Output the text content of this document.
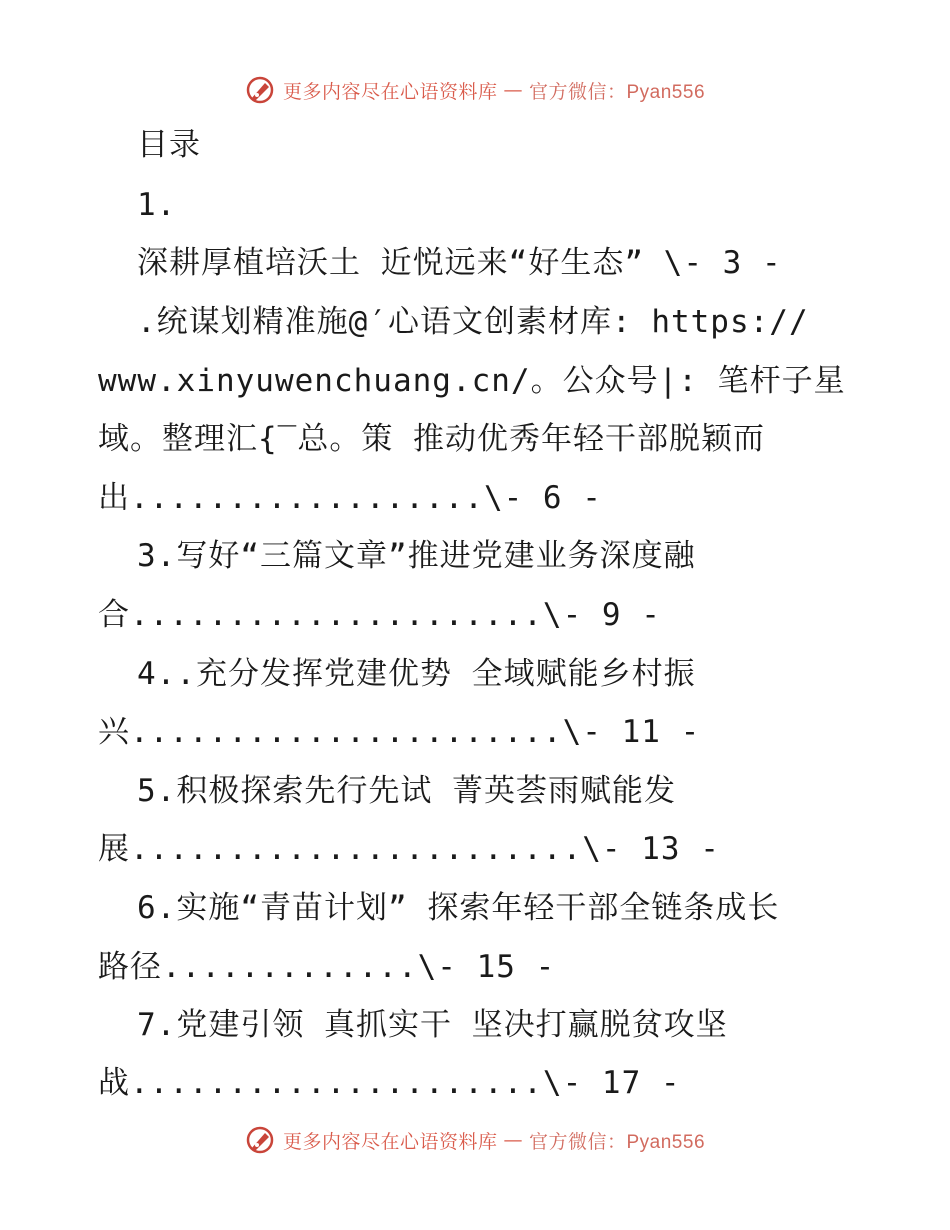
更多内容尽在心语资料库 — 官方微信：Pyan556
目录
1.
深耕厚植培沃土 近悦远来“好生态” \- 3 -
.统谋划精准施@′心语文创素材库: https://
www.xinyuwenchuang.cn/。公众号|: 笔杆子星
域。整理汇{‾总。策 推动优秀年轻干部脱颖而
出..................\- 6 -
3.写好“三篇文章”推进党建业务深度融
合.....................\- 9 -
4..充分发挥党建优势 全域赋能乡村振
兴......................\- 11 -
5.积极探索先行先试 菁英荟雨赋能发
展.......................\- 13 -
6.实施“青苗计划” 探索年轻干部全链条成长
路径.............\- 15 -
7.党建引领 真抓实干 坚决打赢脱贫攻坚
战.....................\- 17 -
更多内容尽在心语资料库 — 官方微信：Pyan556
